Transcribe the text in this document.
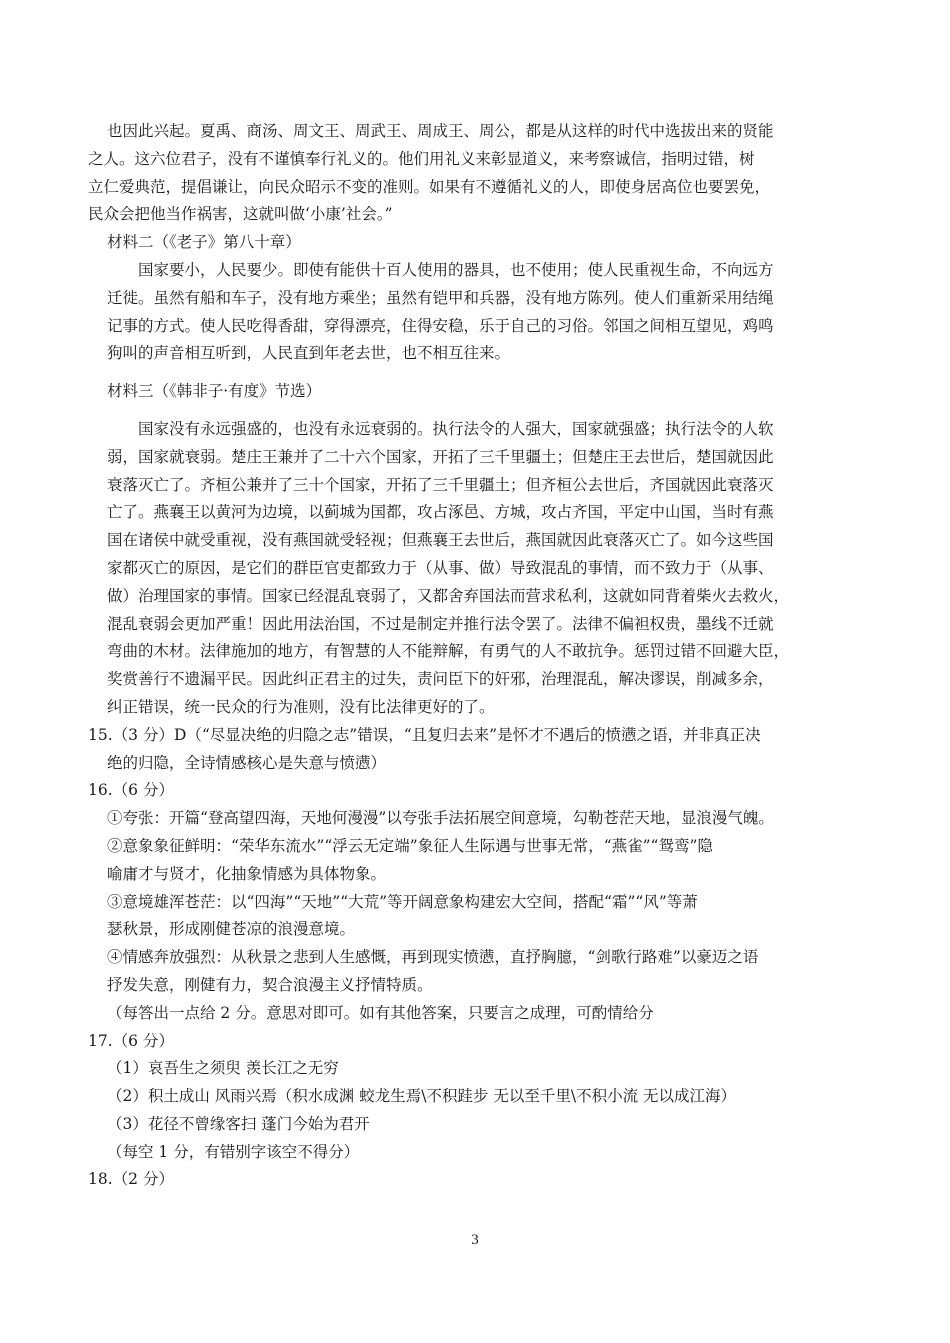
也因此兴起。夏禹、商汤、周文王、周武王、周成王、周公，都是从这样的时代中选拔出来的贤能

之人。这六位君子，没有不谨慎奉行礼义的。他们用礼义来彰显道义，来考察诚信，指明过错，树

立仁爱典范，提倡谦让，向民众昭示不变的准则。如果有不遵循礼义的人，即使身居高位也要罢免，

民众会把他当作祸害，这就叫做‘小康’社会。”

材料二（《老子》第八十章）

国家要小，人民要少。即使有能供十百人使用的器具，也不使用；使人民重视生命，不向远方

迁徙。虽然有船和车子，没有地方乘坐；虽然有铠甲和兵器，没有地方陈列。使人们重新采用结绳

记事的方式。使人民吃得香甜，穿得漂亮，住得安稳，乐于自己的习俗。邻国之间相互望见，鸡鸣

狗叫的声音相互听到，人民直到年老去世，也不相互往来。

材料三（《韩非子·有度》节选）

国家没有永远强盛的，也没有永远衰弱的。执行法令的人强大，国家就强盛；执行法令的人软

弱，国家就衰弱。楚庄王兼并了二十六个国家，开拓了三千里疆土；但楚庄王去世后，楚国就因此

衰落灭亡了。齐桓公兼并了三十个国家，开拓了三千里疆土；但齐桓公去世后，齐国就因此衰落灭

亡了。燕襄王以黄河为边境，以蓟城为国都，攻占涿邑、方城，攻占齐国，平定中山国，当时有燕

国在诸侯中就受重视，没有燕国就受轻视；但燕襄王去世后，燕国就因此衰落灭亡了。如今这些国

家都灭亡的原因，是它们的群臣官吏都致力于（从事、做）导致混乱的事情，而不致力于（从事、

做）治理国家的事情。国家已经混乱衰弱了，又都舍弃国法而营求私利，这就如同背着柴火去救火，

混乱衰弱会更加严重！因此用法治国，不过是制定并推行法令罢了。法律不偏袒权贵，墨线不迁就

弯曲的木材。法律施加的地方，有智慧的人不能辩解，有勇气的人不敢抗争。惩罚过错不回避大臣，

奖赏善行不遗漏平民。因此纠正君主的过失，责问臣下的奸邪，治理混乱，解决谬误，削减多余，

纠正错误，统一民众的行为准则，没有比法律更好的了。

15.（3 分）D（“尽显决绝的归隐之志”错误，“且复归去来”是怀才不遇后的愤懑之语，并非真正决

绝的归隐，全诗情感核心是失意与愤懑）

16.（6 分）

①夸张：开篇“登高望四海，天地何漫漫”以夸张手法拓展空间意境，勾勒苍茫天地，显浪漫气魄。

②意象象征鲜明：“荣华东流水”“浮云无定端”象征人生际遇与世事无常，“燕雀”“鸳鸾”隐

喻庸才与贤才，化抽象情感为具体物象。

③意境雄浑苍茫：以“四海”“天地”“大荒”等开阔意象构建宏大空间，搭配“霜”“风”等萧

瑟秋景，形成刚健苍凉的浪漫意境。

④情感奔放强烈：从秋景之悲到人生感慨，再到现实愤懑，直抒胸臆，“剑歌行路难”以豪迈之语

抒发失意，刚健有力，契合浪漫主义抒情特质。

（每答出一点给 2 分。意思对即可。如有其他答案，只要言之成理，可酌情给分

17.（6 分）

（1）哀吾生之须臾 羡长江之无穷

（2）积土成山 风雨兴焉（积水成渊 蛟龙生焉\不积跬步 无以至千里\不积小流 无以成江海）

（3）花径不曾缘客扫 蓬门今始为君开

（每空 1 分，有错别字该空不得分）

18.（2 分）

3
